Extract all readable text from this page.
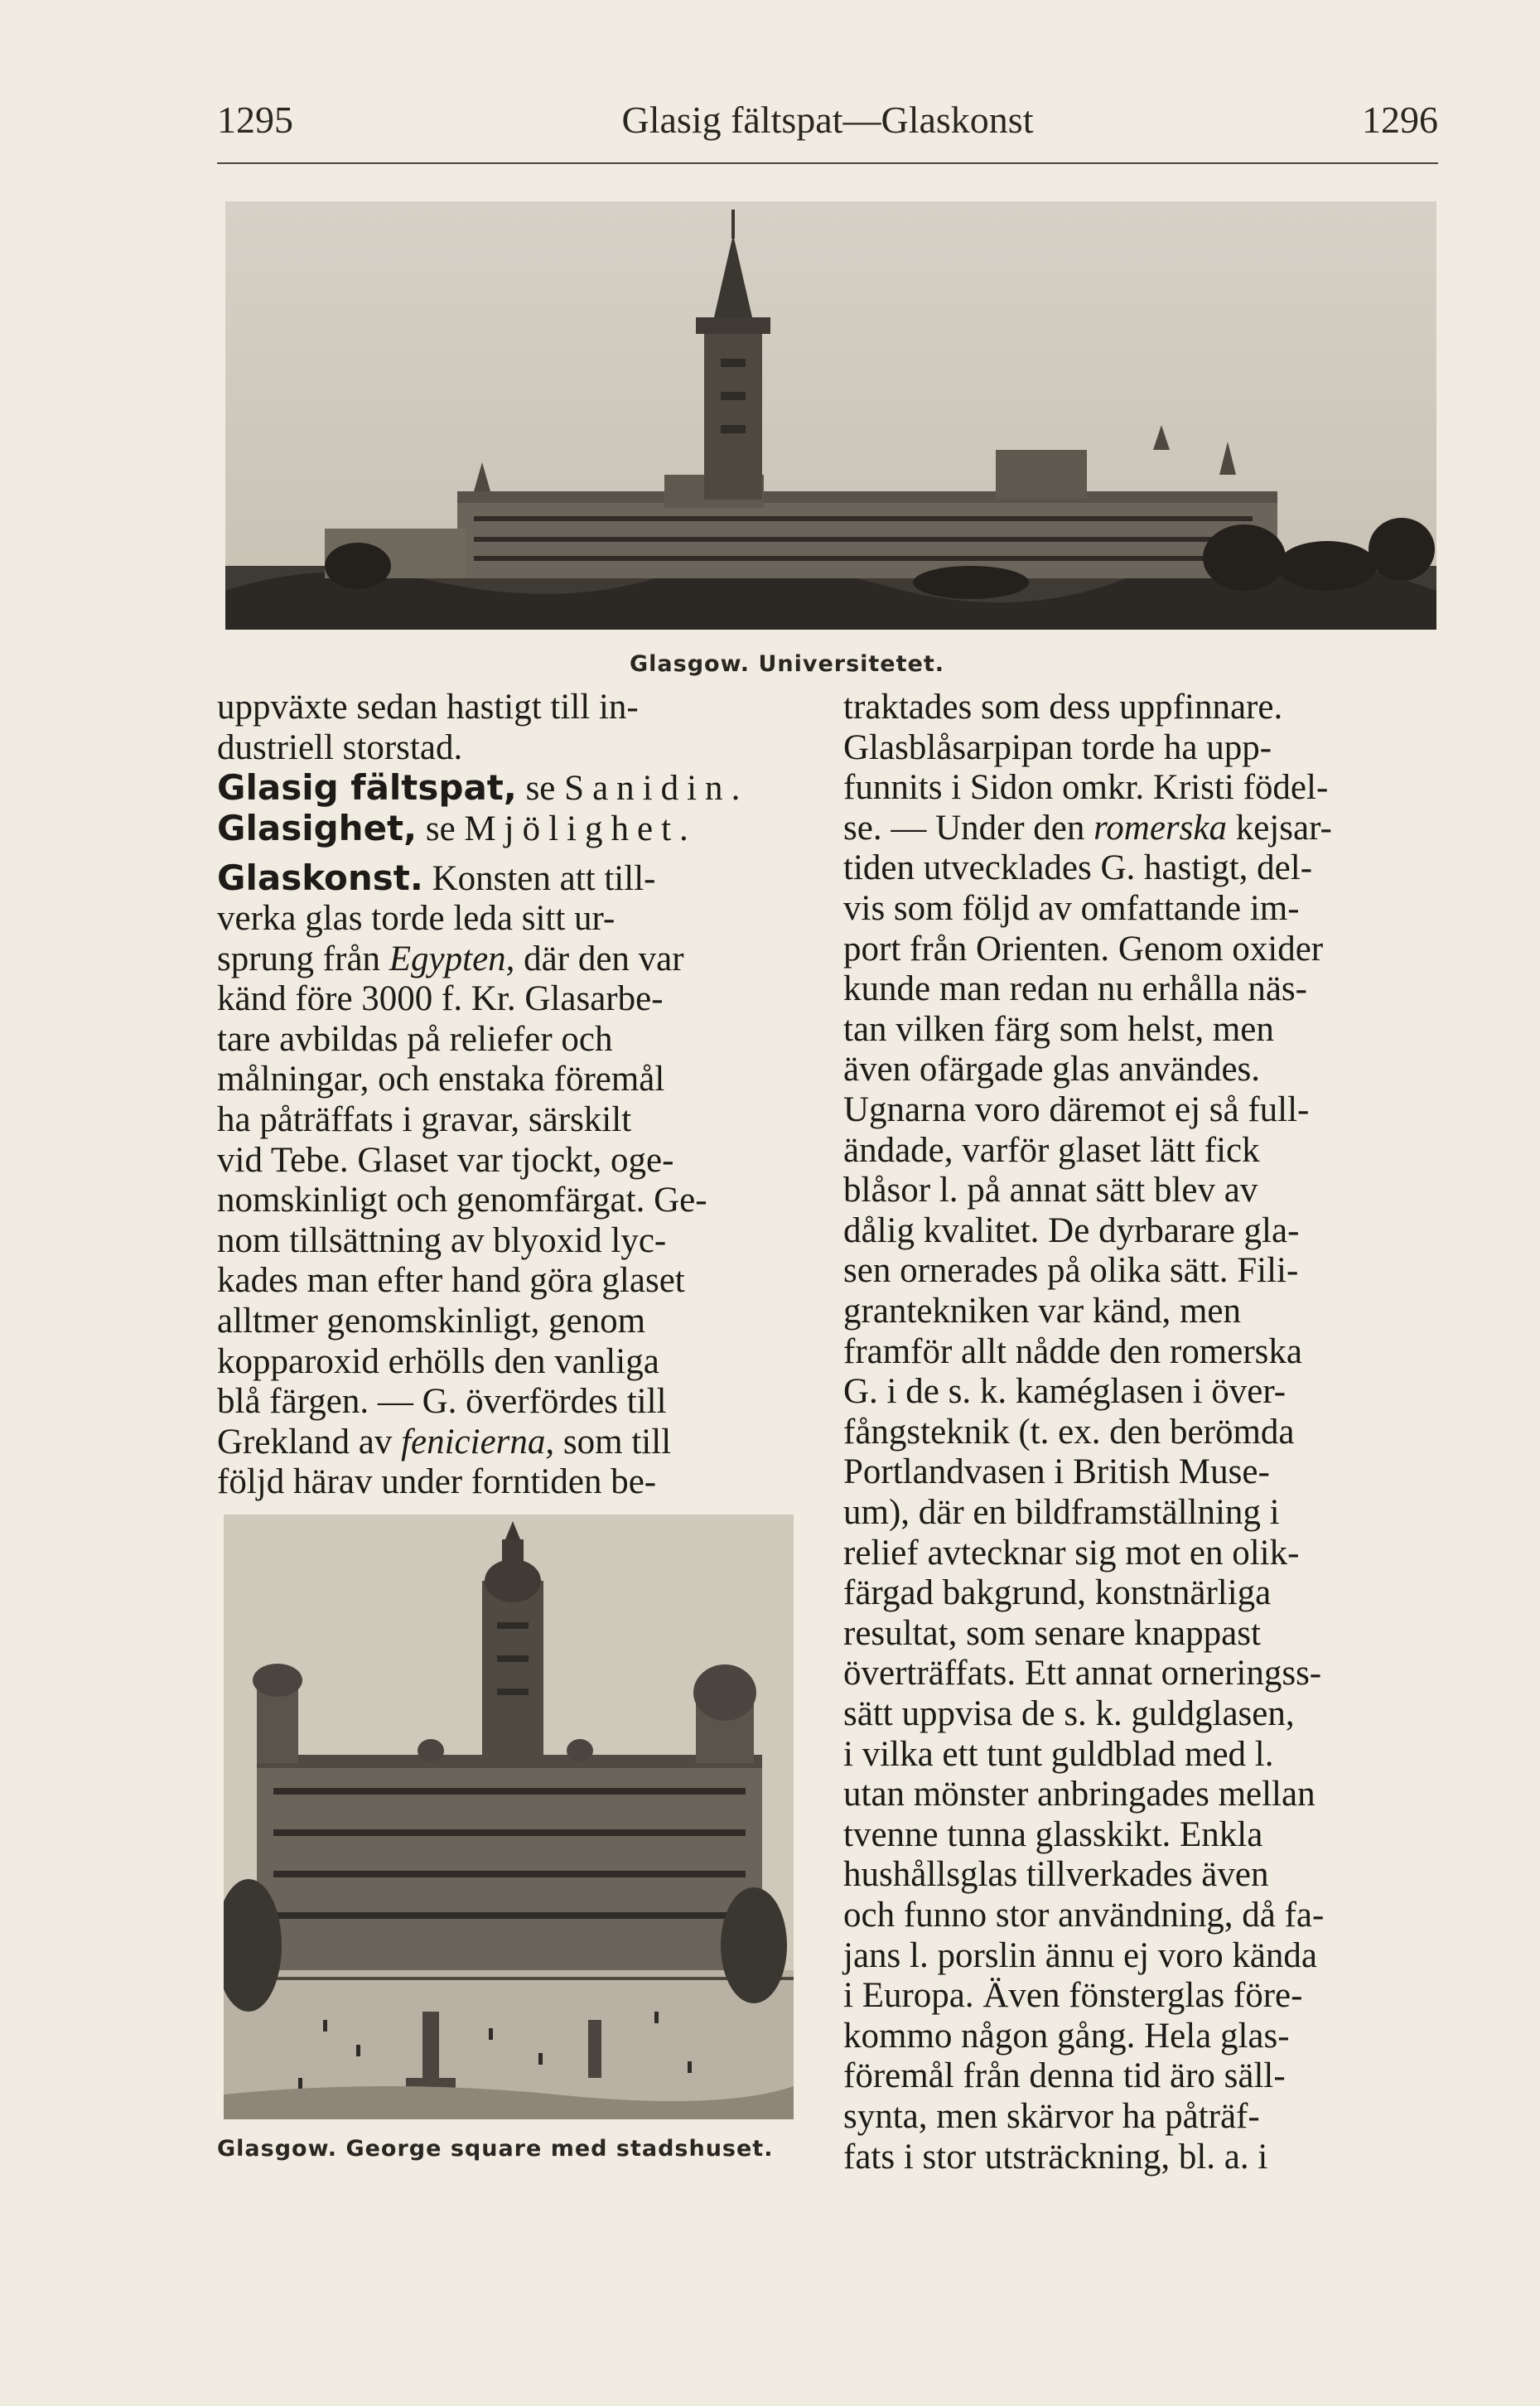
1295	Glasig fältspat—Glaskonst	1296
Glasgow. Universitetet.
Glasgow. George square med stadshuset.
uppväxte sedan hastigt till in-
dustriell storstad.
Glasig fältspat, se Sanidin.
Glasighet, se Mjölighet.
Glaskonst. Konsten att till-
verka glas torde leda sitt ur-
sprung från Egypten, där den var
känd före 3000 f. Kr. Glasarbe-
tare avbildas på reliefer och
målningar, och enstaka föremål
ha påträffats i gravar, särskilt
vid Tebe. Glaset var tjockt, oge-
nomskinligt och genomfärgat. Ge-
nom tillsättning av blyoxid lyc-
kades man efter hand göra glaset
alltmer genomskinligt, genom
kopparoxid erhölls den vanliga
blå färgen. — G. överfördes till
Grekland av fenicierna, som till
följd härav under forntiden be-
traktades som dess uppfinnare.
Glasblåsarpipan torde ha upp-
funnits i Sidon omkr. Kristi födel-
se. — Under den romerska kejsar-
tiden utvecklades G. hastigt, del-
vis som följd av omfattande im-
port från Orienten. Genom oxider
kunde man redan nu erhålla näs-
tan vilken färg som helst, men
även ofärgade glas användes.
Ugnarna voro däremot ej så full-
ändade, varför glaset lätt fick
blåsor l. på annat sätt blev av
dålig kvalitet. De dyrbarare gla-
sen ornerades på olika sätt. Fili-
grantekniken var känd, men
framför allt nådde den romerska
G. i de s. k. kaméglasen i över-
fångsteknik (t. ex. den berömda
Portlandvasen i British Muse-
um), där en bildframställning i
relief avtecknar sig mot en olik-
färgad bakgrund, konstnärliga
resultat, som senare knappast
överträffats. Ett annat orneringss-
sätt uppvisa de s. k. guldglasen,
i vilka ett tunt guldblad med l.
utan mönster anbringades mellan
tvenne tunna glasskikt. Enkla
hushållsglas tillverkades även
och funno stor användning, då fa-
jans l. porslin ännu ej voro kända
i Europa. Även fönsterglas före-
kommo någon gång. Hela glas-
föremål från denna tid äro säll-
synta, men skärvor ha påträf-
fats i stor utsträckning, bl. a. i
